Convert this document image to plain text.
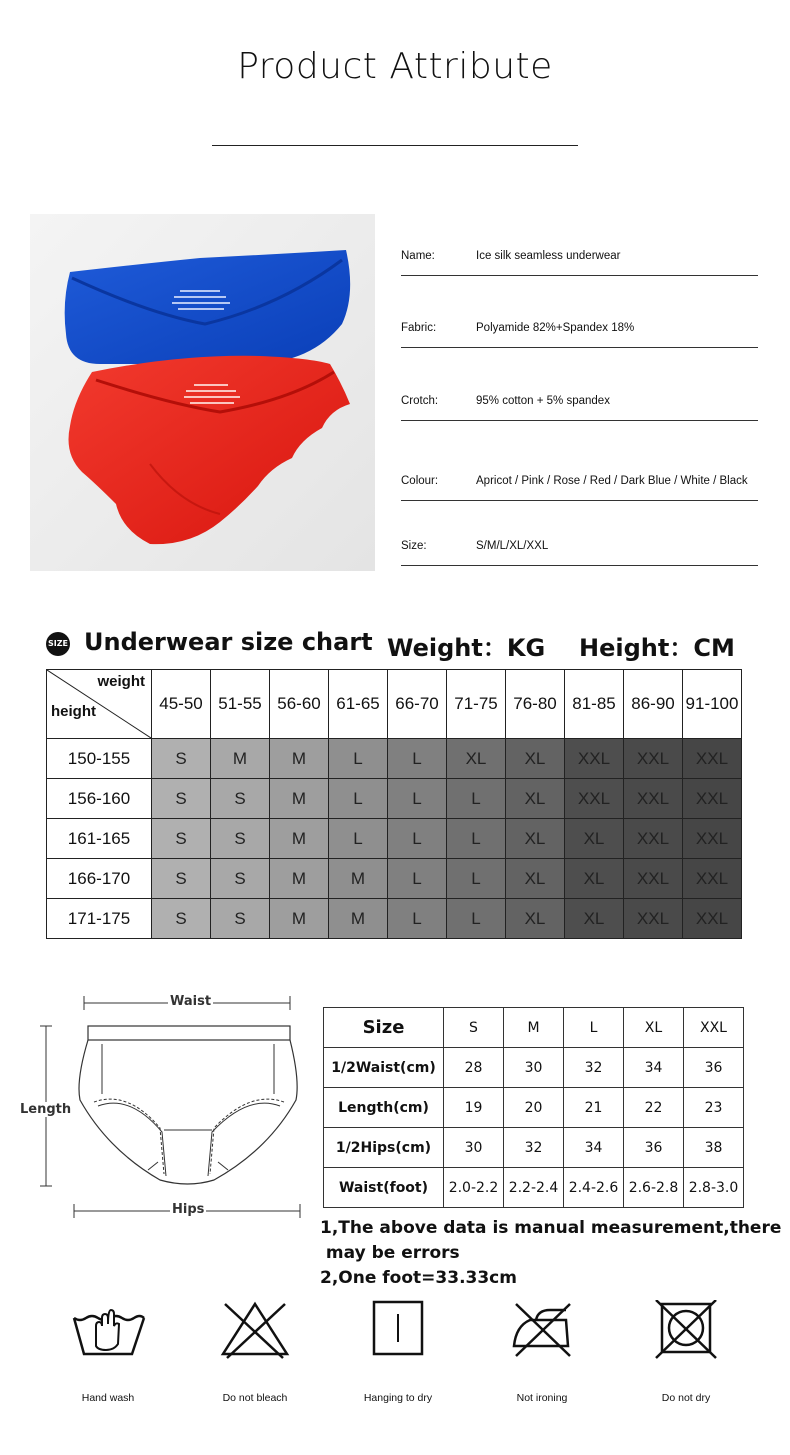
Product Attribute
Name:	Ice silk seamless underwear
Fabric:	Polyamide 82%+Spandex 18%
Crotch:	95% cotton + 5% spandex
Colour:	Apricot / Pink / Rose / Red / Dark Blue / White / Black
Size:	S/M/L/XL/XXL
SIZE Underwear size chart Weight：KG Height：CM
weight
height	45-50	51-55	56-60	61-65	66-70	71-75	76-80	81-85	86-90	91-100
150-155	S	M	M	L	L	XL	XL	XXL	XXL	XXL
156-160	S	S	M	L	L	L	XL	XXL	XXL	XXL
161-165	S	S	M	L	L	L	XL	XL	XXL	XXL
166-170	S	S	M	M	L	L	XL	XL	XXL	XXL
171-175	S	S	M	M	L	L	XL	XL	XXL	XXL
Waist
Length
Hips
Size	S	M	L	XL	XXL
1/2Waist(cm)	28	30	32	34	36
Length(cm)	19	20	21	22	23
1/2Hips(cm)	30	32	34	36	38
Waist(foot)	2.0-2.2	2.2-2.4	2.4-2.6	2.6-2.8	2.8-3.0
1,The above data is manual measurement,there
may be errors
2,One foot=33.33cm
Hand wash	Do not bleach	Hanging to dry	Not ironing	Do not dry
